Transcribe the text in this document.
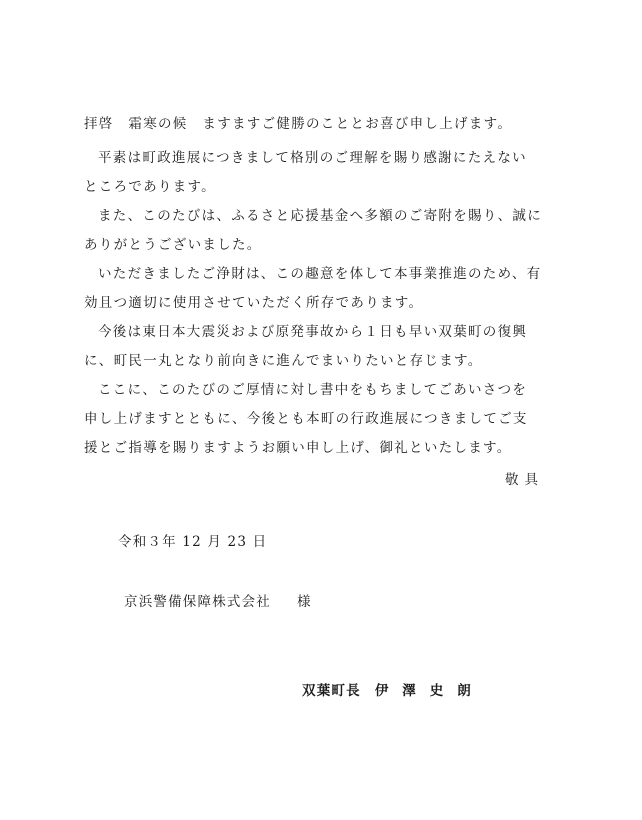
拝啓　霜寒の候　ますますご健勝のこととお喜び申し上げます。
平素は町政進展につきまして格別のご理解を賜り感謝にたえない
ところであります。
また、このたびは、ふるさと応援基金へ多額のご寄附を賜り、誠に
ありがとうございました。
いただきましたご浄財は、この趣意を体して本事業推進のため、有
効且つ適切に使用させていただく所存であります。
今後は東日本大震災および原発事故から１日も早い双葉町の復興
に、町民一丸となり前向きに進んでまいりたいと存じます。
ここに、このたびのご厚情に対し書中をもちましてごあいさつを
申し上げますとともに、今後とも本町の行政進展につきましてご支
援とご指導を賜りますようお願い申し上げ、御礼といたします。
敬具
令和３年 12 月 23 日
京浜警備保障株式会社 様
双葉町長 伊澤史朗
